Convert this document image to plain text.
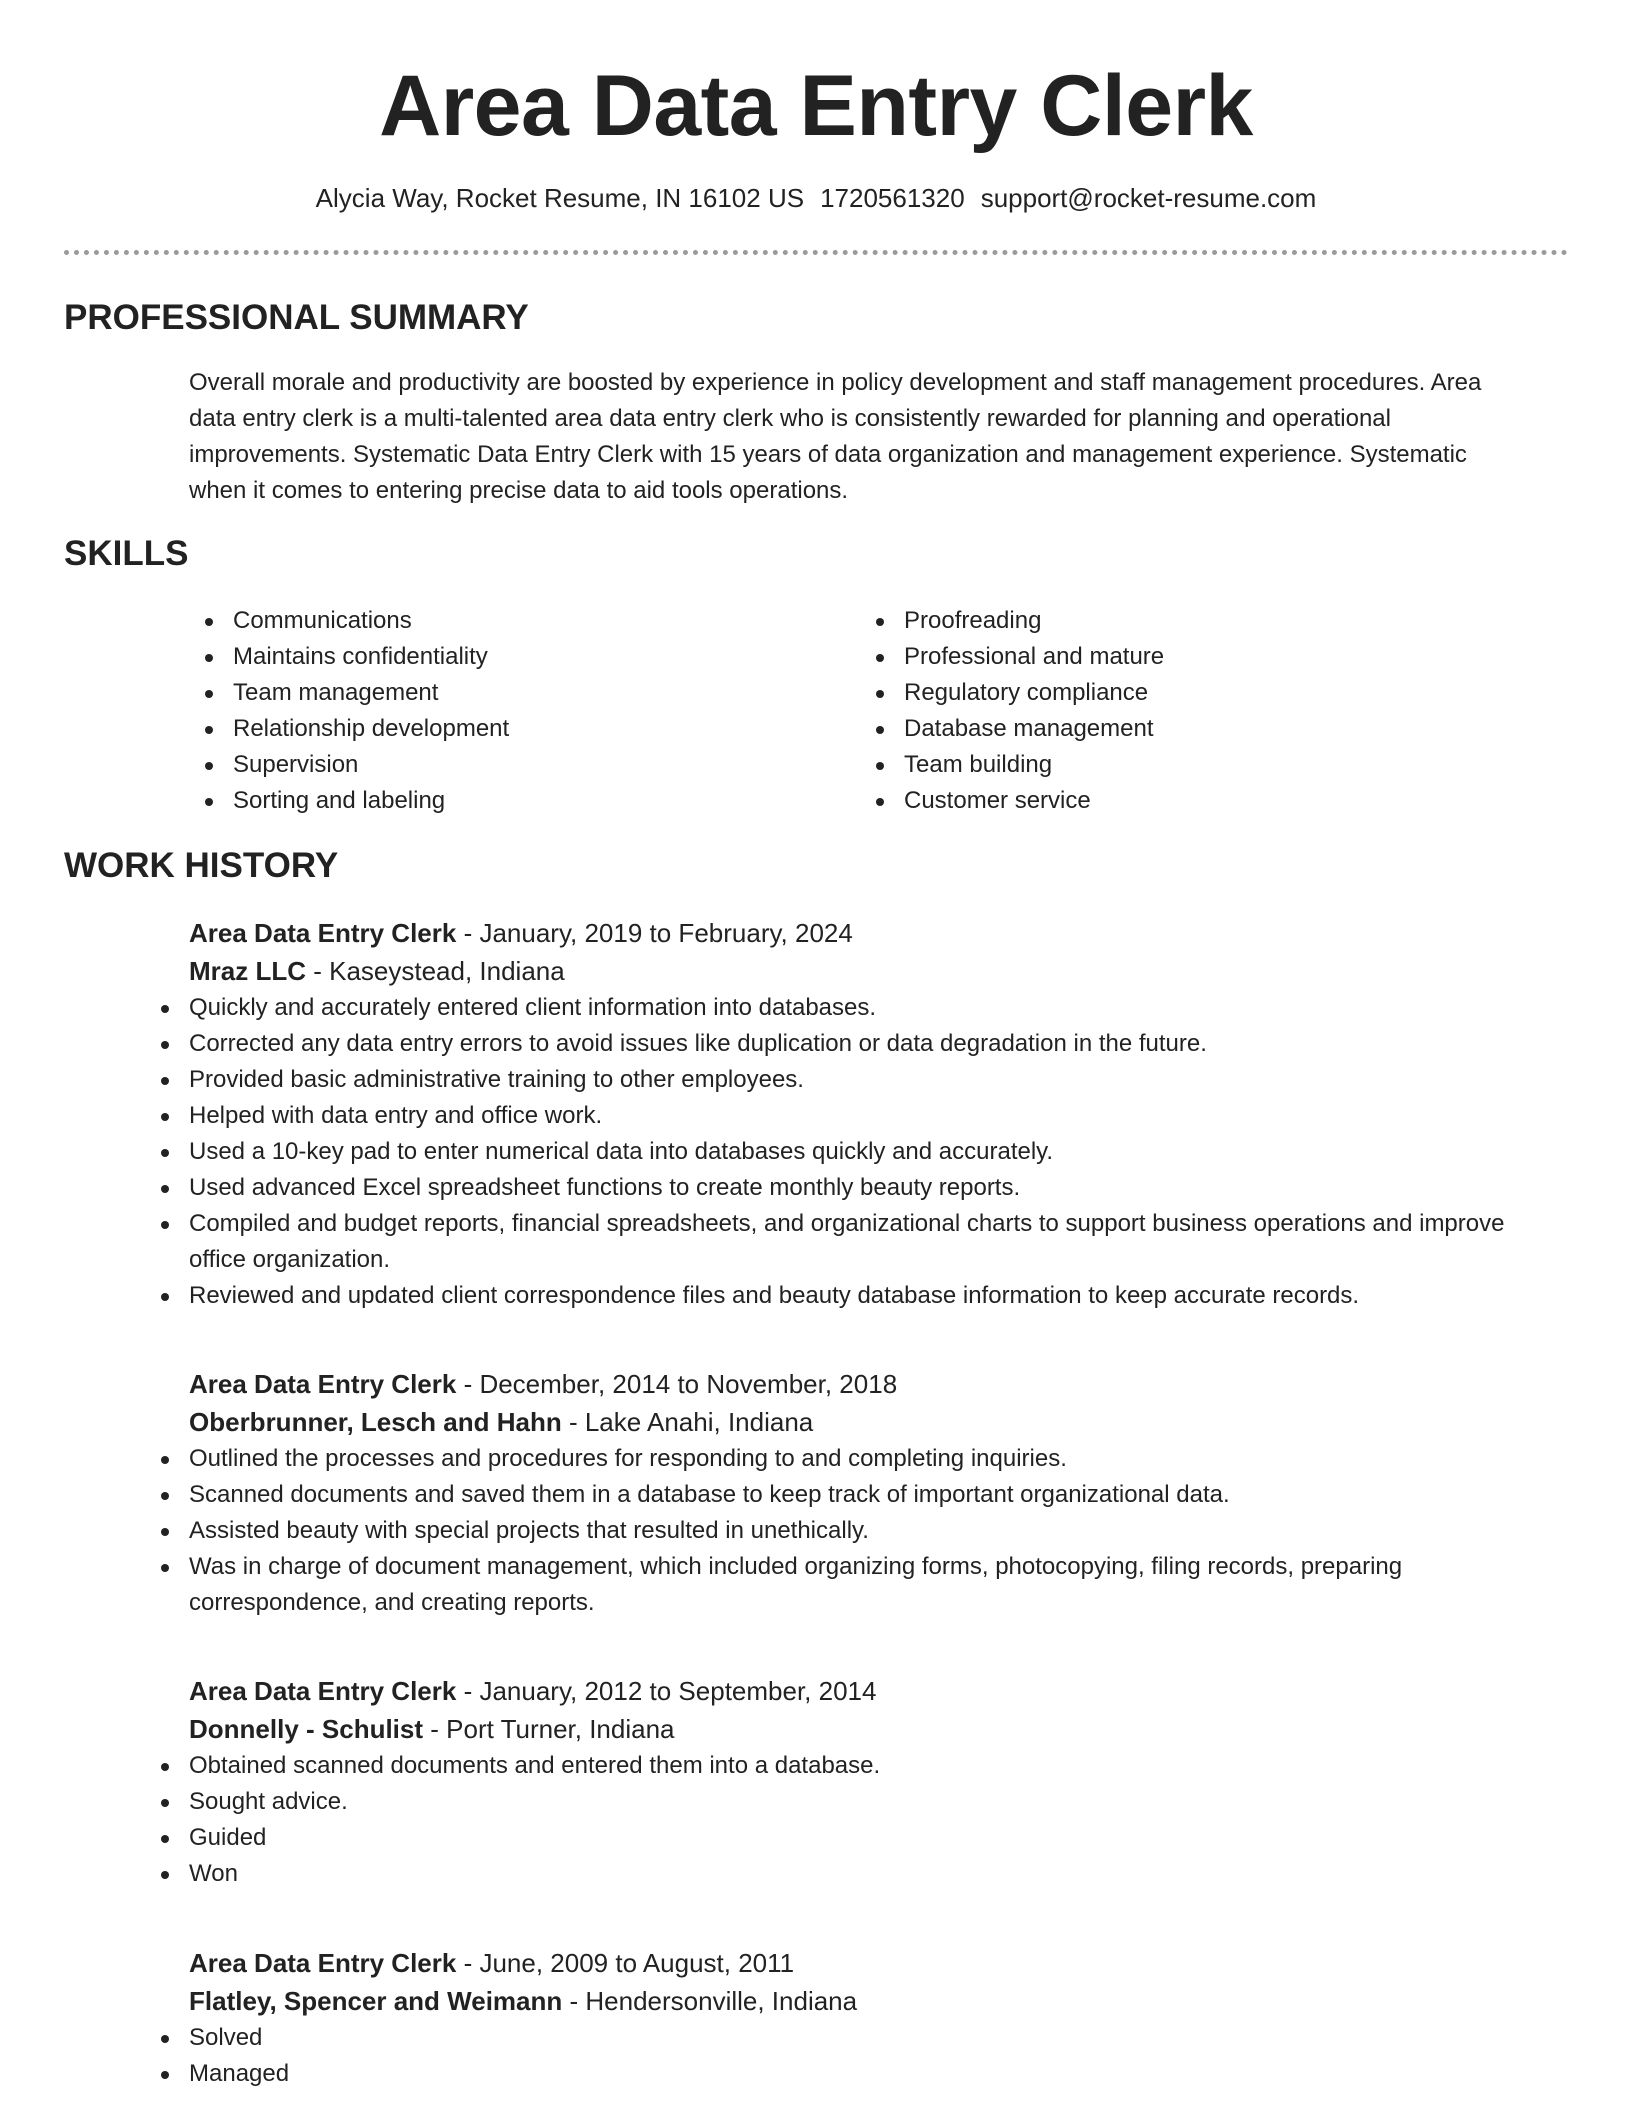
Area Data Entry Clerk
Alycia Way, Rocket Resume, IN 16102 US 1720561320 support@rocket-resume.com
PROFESSIONAL SUMMARY

Overall morale and productivity are boosted by experience in policy development and staff management procedures. Area data entry clerk is a multi-talented area data entry clerk who is consistently rewarded for planning and operational improvements. Systematic Data Entry Clerk with 15 years of data organization and management experience. Systematic when it comes to entering precise data to aid tools operations.

SKILLS
Communications
Maintains confidentiality
Team management
Relationship development
Supervision
Sorting and labeling
Proofreading
Professional and mature
Regulatory compliance
Database management
Team building
Customer service
WORK HISTORY
Area Data Entry Clerk - January, 2019 to February, 2024
Mraz LLC - Kaseystead, Indiana
Quickly and accurately entered client information into databases.
Corrected any data entry errors to avoid issues like duplication or data degradation in the future.
Provided basic administrative training to other employees.
Helped with data entry and office work.
Used a 10-key pad to enter numerical data into databases quickly and accurately.
Used advanced Excel spreadsheet functions to create monthly beauty reports.
Compiled and budget reports, financial spreadsheets, and organizational charts to support business operations and improve office organization.
Reviewed and updated client correspondence files and beauty database information to keep accurate records.
Area Data Entry Clerk - December, 2014 to November, 2018
Oberbrunner, Lesch and Hahn - Lake Anahi, Indiana
Outlined the processes and procedures for responding to and completing inquiries.
Scanned documents and saved them in a database to keep track of important organizational data.
Assisted beauty with special projects that resulted in unethically.
Was in charge of document management, which included organizing forms, photocopying, filing records, preparing correspondence, and creating reports.
Area Data Entry Clerk - January, 2012 to September, 2014
Donnelly - Schulist - Port Turner, Indiana
Obtained scanned documents and entered them into a database.
Sought advice.
Guided
Won
Area Data Entry Clerk - June, 2009 to August, 2011
Flatley, Spencer and Weimann - Hendersonville, Indiana
Solved
Managed
